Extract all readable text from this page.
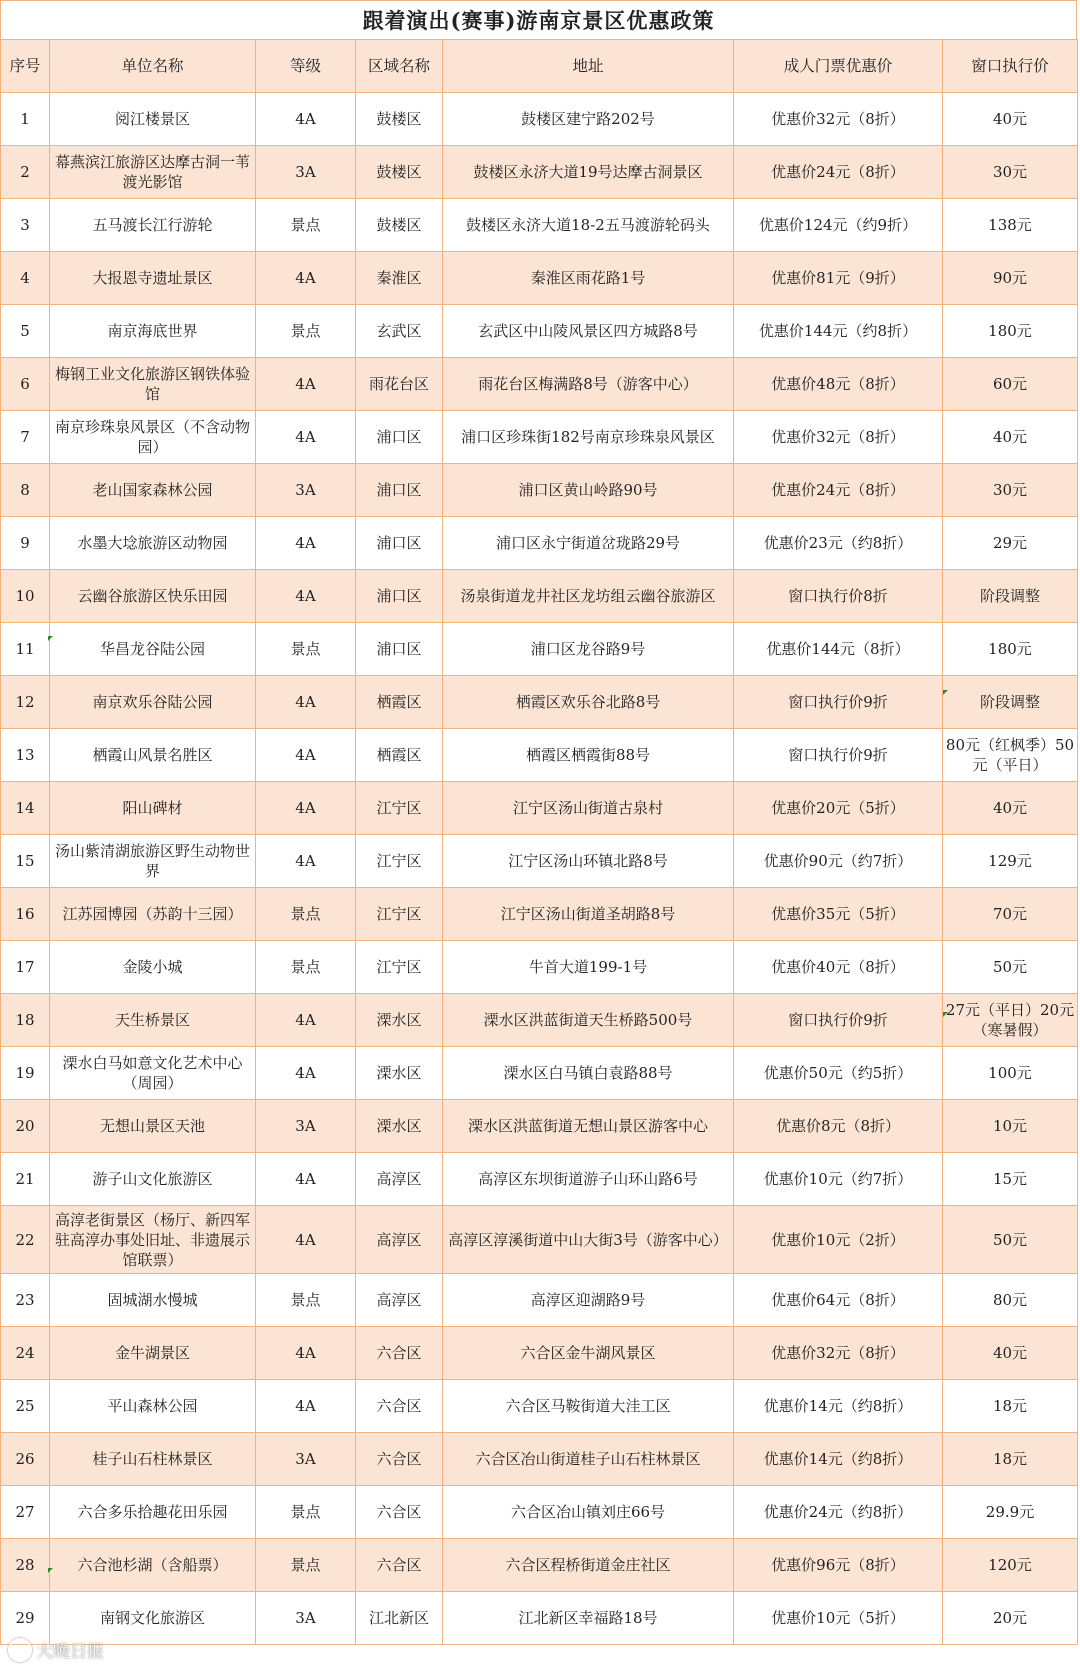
跟着演出(赛事)游南京景区优惠政策
序号	单位名称	等级	区域名称	地址	成人门票优惠价	窗口执行价
1	阅江楼景区	4A	鼓楼区	鼓楼区建宁路202号	优惠价32元（8折）	40元
2	幕燕滨江旅游区达摩古洞一苇渡光影馆	3A	鼓楼区	鼓楼区永济大道19号达摩古洞景区	优惠价24元（8折）	30元
3	五马渡长江行游轮	景点	鼓楼区	鼓楼区永济大道18-2五马渡游轮码头	优惠价124元（约9折）	138元
4	大报恩寺遗址景区	4A	秦淮区	秦淮区雨花路1号	优惠价81元（9折）	90元
5	南京海底世界	景点	玄武区	玄武区中山陵风景区四方城路8号	优惠价144元（约8折）	180元
6	梅钢工业文化旅游区钢铁体验馆	4A	雨花台区	雨花台区梅满路8号（游客中心）	优惠价48元（8折）	60元
7	南京珍珠泉风景区（不含动物园）	4A	浦口区	浦口区珍珠街182号南京珍珠泉风景区	优惠价32元（8折）	40元
8	老山国家森林公园	3A	浦口区	浦口区黄山岭路90号	优惠价24元（8折）	30元
9	水墨大埝旅游区动物园	4A	浦口区	浦口区永宁街道岔珑路29号	优惠价23元（约8折）	29元
10	云幽谷旅游区快乐田园	4A	浦口区	汤泉街道龙井社区龙坊组云幽谷旅游区	窗口执行价8折	阶段调整
11	华昌龙谷陆公园	景点	浦口区	浦口区龙谷路9号	优惠价144元（8折）	180元
12	南京欢乐谷陆公园	4A	栖霞区	栖霞区欢乐谷北路8号	窗口执行价9折	阶段调整
13	栖霞山风景名胜区	4A	栖霞区	栖霞区栖霞街88号	窗口执行价9折	80元（红枫季）50元（平日）
14	阳山碑材	4A	江宁区	江宁区汤山街道古泉村	优惠价20元（5折）	40元
15	汤山紫清湖旅游区野生动物世界	4A	江宁区	江宁区汤山环镇北路8号	优惠价90元（约7折）	129元
16	江苏园博园（苏韵十三园）	景点	江宁区	江宁区汤山街道圣胡路8号	优惠价35元（5折）	70元
17	金陵小城	景点	江宁区	牛首大道199-1号	优惠价40元（8折）	50元
18	天生桥景区	4A	溧水区	溧水区洪蓝街道天生桥路500号	窗口执行价9折	27元（平日）20元（寒暑假）
19	溧水白马如意文化艺术中心（周园）	4A	溧水区	溧水区白马镇白袁路88号	优惠价50元（约5折）	100元
20	无想山景区天池	3A	溧水区	溧水区洪蓝街道无想山景区游客中心	优惠价8元（8折）	10元
21	游子山文化旅游区	4A	高淳区	高淳区东坝街道游子山环山路6号	优惠价10元（约7折）	15元
22	高淳老街景区（杨厅、新四军驻高淳办事处旧址、非遗展示馆联票）	4A	高淳区	高淳区淳溪街道中山大街3号（游客中心）	优惠价10元（2折）	50元
23	固城湖水慢城	景点	高淳区	高淳区迎湖路9号	优惠价64元（8折）	80元
24	金牛湖景区	4A	六合区	六合区金牛湖风景区	优惠价32元（8折）	40元
25	平山森林公园	4A	六合区	六合区马鞍街道大洼工区	优惠价14元（约8折）	18元
26	桂子山石柱林景区	3A	六合区	六合区冶山街道桂子山石柱林景区	优惠价14元（约8折）	18元
27	六合多乐拾趣花田乐园	景点	六合区	六合区冶山镇刘庄66号	优惠价24元（约8折）	29.9元
28	六合池杉湖（含船票）	景点	六合区	六合区程桥街道金庄社区	优惠价96元（8折）	120元
29	南钢文化旅游区	3A	江北新区	江北新区幸福路18号	优惠价10元（5折）	20元
大晚日报
